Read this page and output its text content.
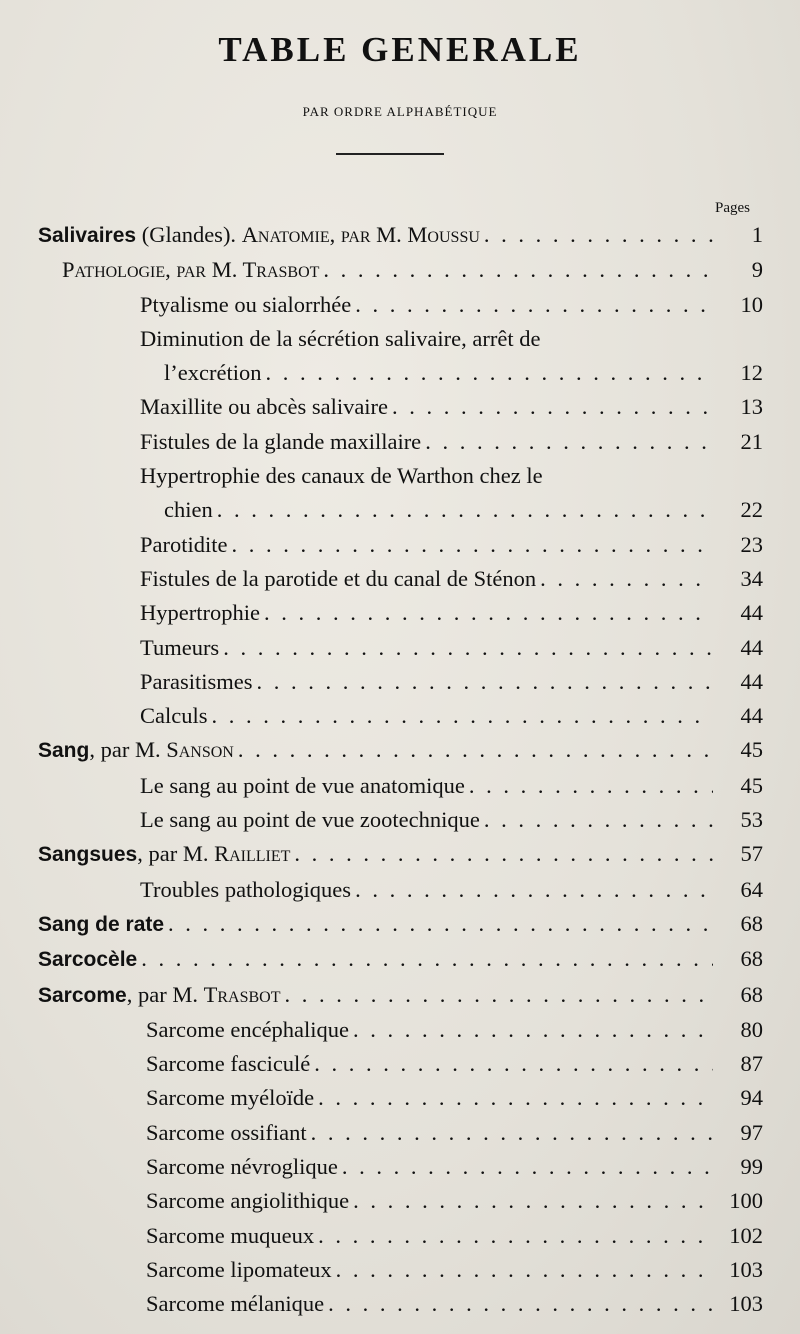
TABLE GENERALE
PAR ORDRE ALPHABÉTIQUE
Pages
Salivaires (Glandes). Anatomie, par M. Moussu . . .	1
Pathologie, par M. Trasbot . . .	9
Ptyalisme ou sialorrhée . . .	10
Diminution de la sécrétion salivaire, arrêt de
l’excrétion . . .	12
Maxillite ou abcès salivaire . . .	13
Fistules de la glande maxillaire . . .	21
Hypertrophie des canaux de Warthon chez le
chien . . .	22
Parotidite . . .	23
Fistules de la parotide et du canal de Sténon . . .	34
Hypertrophie . . .	44
Tumeurs . . .	44
Parasitismes . . .	44
Calculs . . .	44
Sang, par M. Sanson . . .	45
Le sang au point de vue anatomique . . .	45
Le sang au point de vue zootechnique . . .	53
Sangsues, par M. Railliet . . .	57
Troubles pathologiques . . .	64
Sang de rate . . .	68
Sarcocèle . . .	68
Sarcome, par M. Trasbot . . .	68
Sarcome encéphalique . . .	80
Sarcome fasciculé . . .	87
Sarcome myéloïde . . .	94
Sarcome ossifiant . . .	97
Sarcome névroglique . . .	99
Sarcome angiolithique . . .	100
Sarcome muqueux . . .	102
Sarcome lipomateux . . .	103
Sarcome mélanique . . .	103
